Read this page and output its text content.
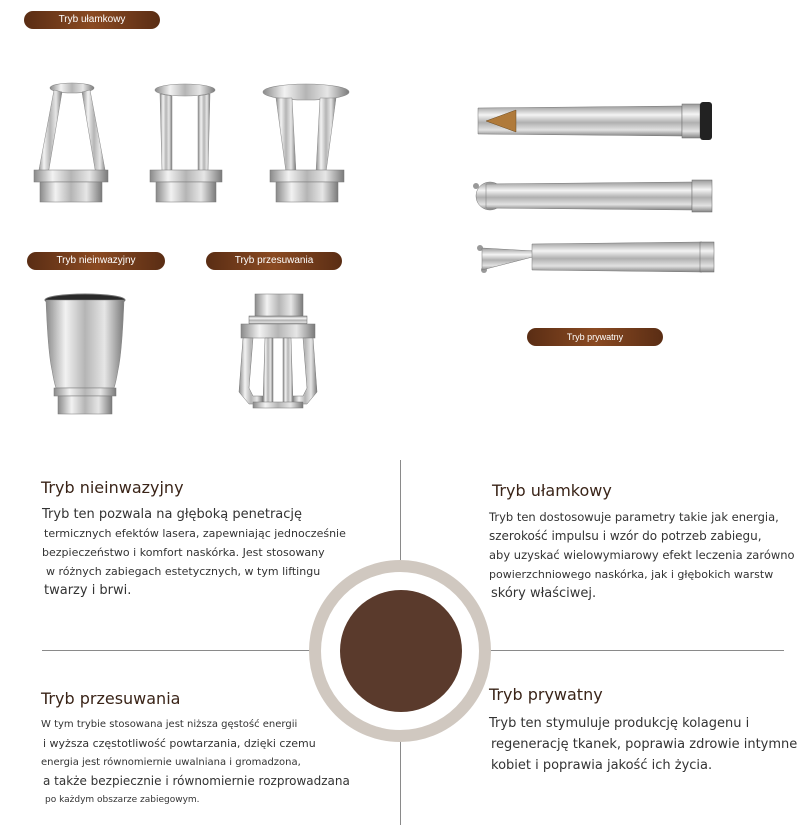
Tryb ułamkowy
Tryb nieinwazyjny	Tryb przesuwania
Tryb prywatny
Tryb nieinwazyjny
Tryb ten pozwala na głęboką penetrację
termicznych efektów lasera, zapewniając jednocześnie
bezpieczeństwo i komfort naskórka. Jest stosowany
w różnych zabiegach estetycznych, w tym liftingu
twarzy i brwi.
Tryb ułamkowy
Tryb ten dostosowuje parametry takie jak energia,
szerokość impulsu i wzór do potrzeb zabiegu,
aby uzyskać wielowymiarowy efekt leczenia zarówno
powierzchniowego naskórka, jak i głębokich warstw
skóry właściwej.
Tryb przesuwania
W tym trybie stosowana jest niższa gęstość energii
i wyższa częstotliwość powtarzania, dzięki czemu
energia jest równomiernie uwalniana i gromadzona,
a także bezpiecznie i równomiernie rozprowadzana
po każdym obszarze zabiegowym.
Tryb prywatny
Tryb ten stymuluje produkcję kolagenu i
regenerację tkanek, poprawia zdrowie intymne
kobiet i poprawia jakość ich życia.
